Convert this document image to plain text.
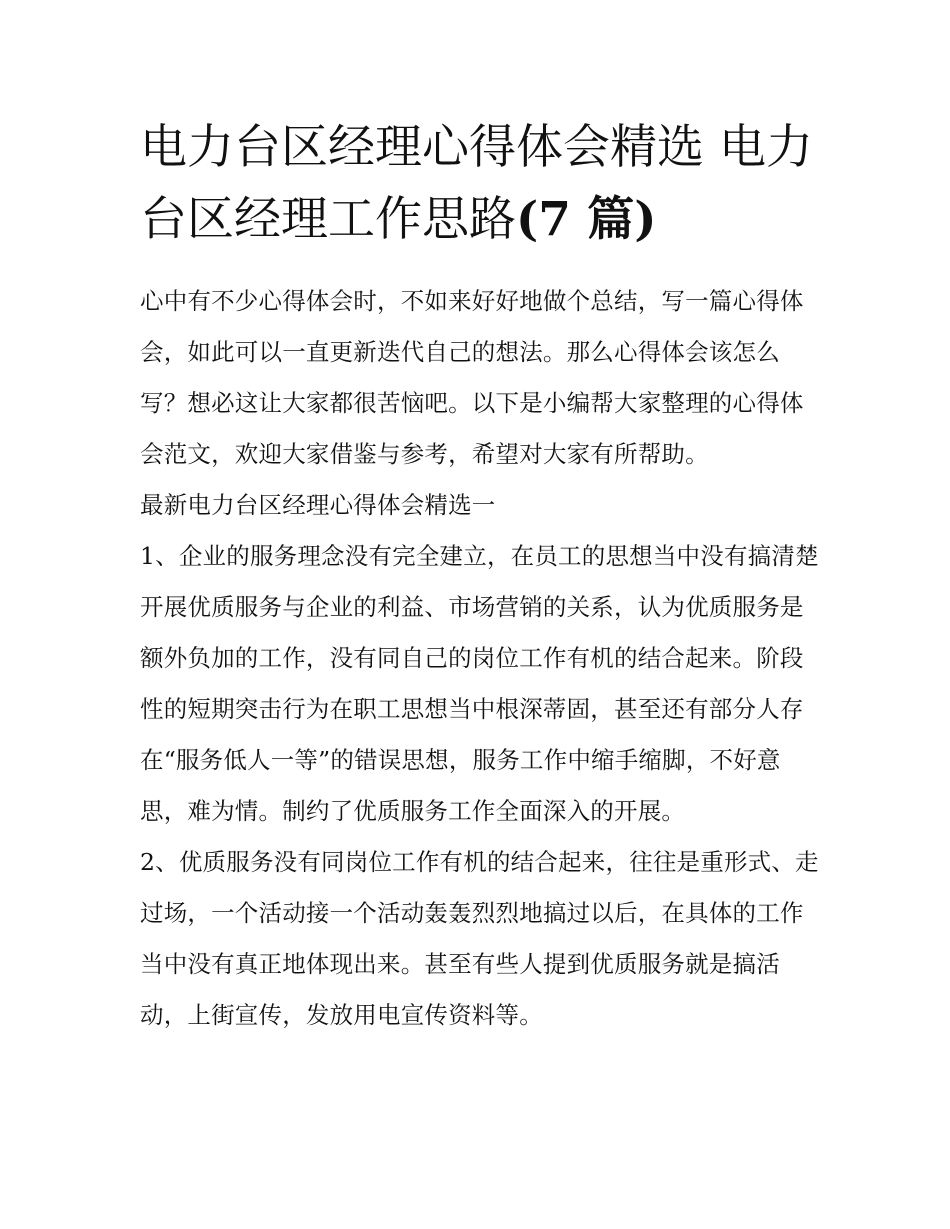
电力台区经理心得体会精选 电力台区经理工作思路(7 篇)

心中有不少心得体会时，不如来好好地做个总结，写一篇心得体会，如此可以一直更新迭代自己的想法。那么心得体会该怎么写？想必这让大家都很苦恼吧。以下是小编帮大家整理的心得体会范文，欢迎大家借鉴与参考，希望对大家有所帮助。

最新电力台区经理心得体会精选一

1、企业的服务理念没有完全建立，在员工的思想当中没有搞清楚开展优质服务与企业的利益、市场营销的关系，认为优质服务是额外负加的工作，没有同自己的岗位工作有机的结合起来。阶段性的短期突击行为在职工思想当中根深蒂固，甚至还有部分人存在“服务低人一等”的错误思想，服务工作中缩手缩脚，不好意思，难为情。制约了优质服务工作全面深入的开展。

2、优质服务没有同岗位工作有机的结合起来，往往是重形式、走过场，一个活动接一个活动轰轰烈烈地搞过以后，在具体的工作当中没有真正地体现出来。甚至有些人提到优质服务就是搞活动，上街宣传，发放用电宣传资料等。
